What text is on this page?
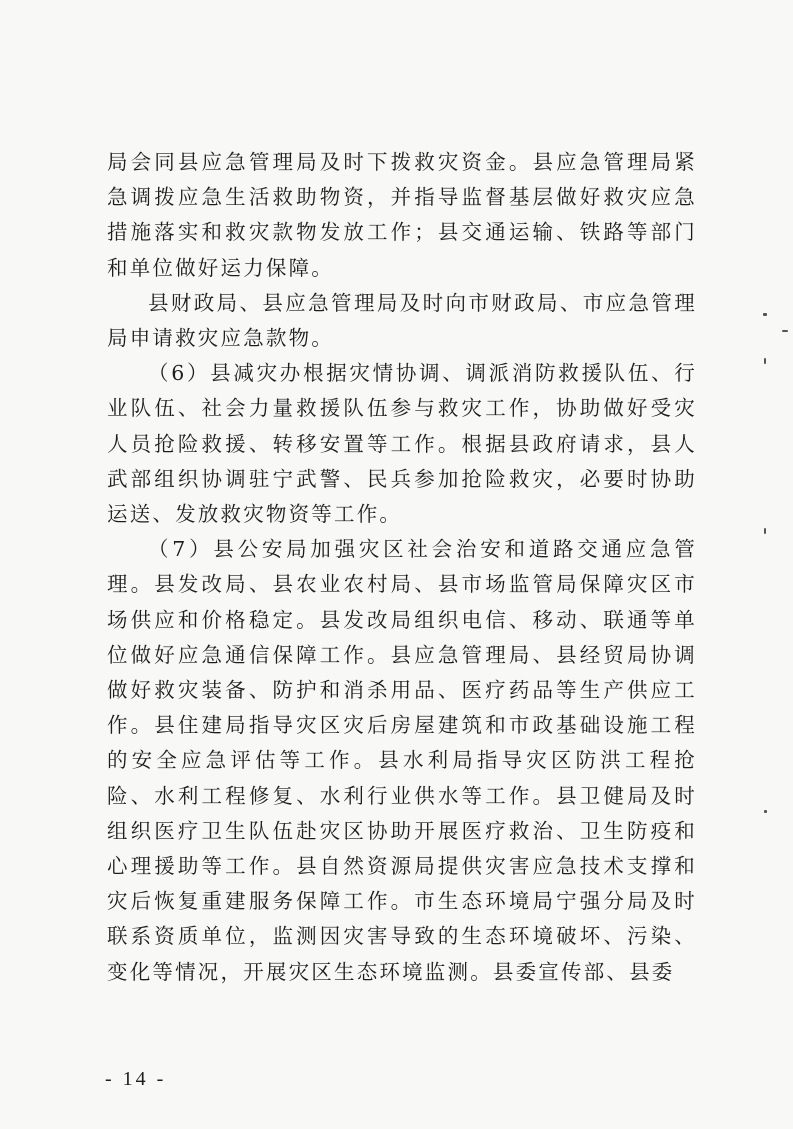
局会同县应急管理局及时下拨救灾资金。县应急管理局紧急调拨应急生活救助物资，并指导监督基层做好救灾应急措施落实和救灾款物发放工作；县交通运输、铁路等部门和单位做好运力保障。

县财政局、县应急管理局及时向市财政局、市应急管理局申请救灾应急款物。

（6）县减灾办根据灾情协调、调派消防救援队伍、行业队伍、社会力量救援队伍参与救灾工作，协助做好受灾人员抢险救援、转移安置等工作。根据县政府请求，县人武部组织协调驻宁武警、民兵参加抢险救灾，必要时协助运送、发放救灾物资等工作。

（7）县公安局加强灾区社会治安和道路交通应急管理。县发改局、县农业农村局、县市场监管局保障灾区市场供应和价格稳定。县发改局组织电信、移动、联通等单位做好应急通信保障工作。县应急管理局、县经贸局协调做好救灾装备、防护和消杀用品、医疗药品等生产供应工作。县住建局指导灾区灾后房屋建筑和市政基础设施工程的安全应急评估等工作。县水利局指导灾区防洪工程抢险、水利工程修复、水利行业供水等工作。县卫健局及时组织医疗卫生队伍赴灾区协助开展医疗救治、卫生防疫和心理援助等工作。县自然资源局提供灾害应急技术支撑和灾后恢复重建服务保障工作。市生态环境局宁强分局及时联系资质单位，监测因灾害导致的生态环境破坏、污染、变化等情况，开展灾区生态环境监测。县委宣传部、县委

- 14 -
